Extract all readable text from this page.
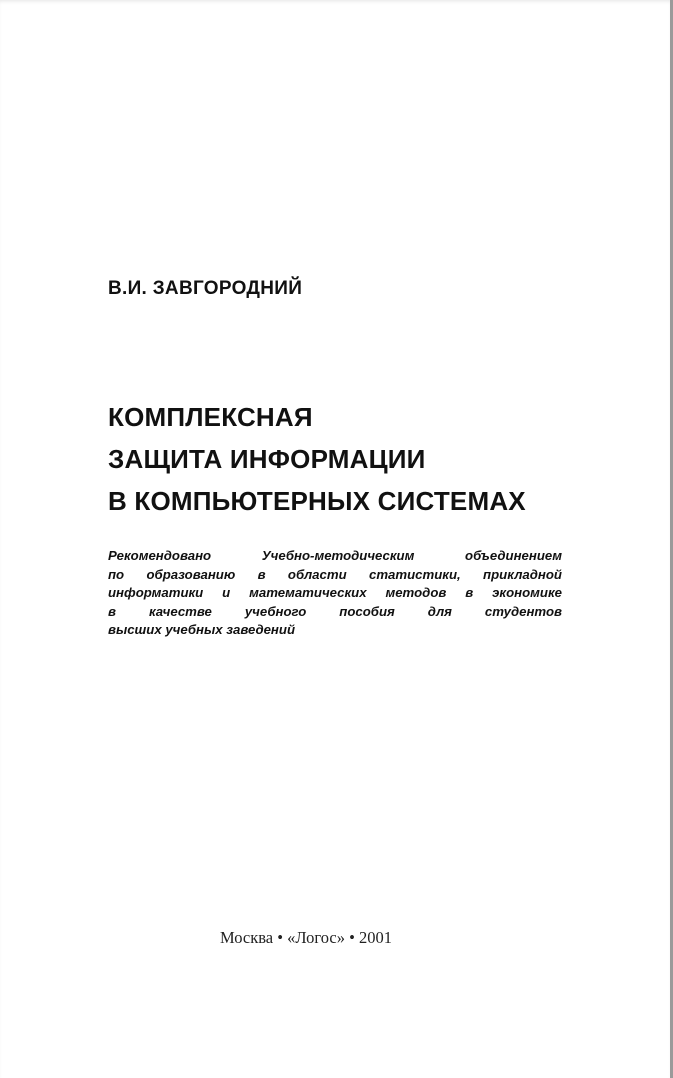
В.И. ЗАВГОРОДНИЙ
КОМПЛЕКСНАЯ
ЗАЩИТА ИНФОРМАЦИИ
В КОМПЬЮТЕРНЫХ СИСТЕМАХ
Рекомендовано Учебно-методическим объединением
по образованию в области статистики, прикладной
информатики и математических методов в экономике
в качестве учебного пособия для студентов
высших учебных заведений
Москва • «Логос» • 2001
